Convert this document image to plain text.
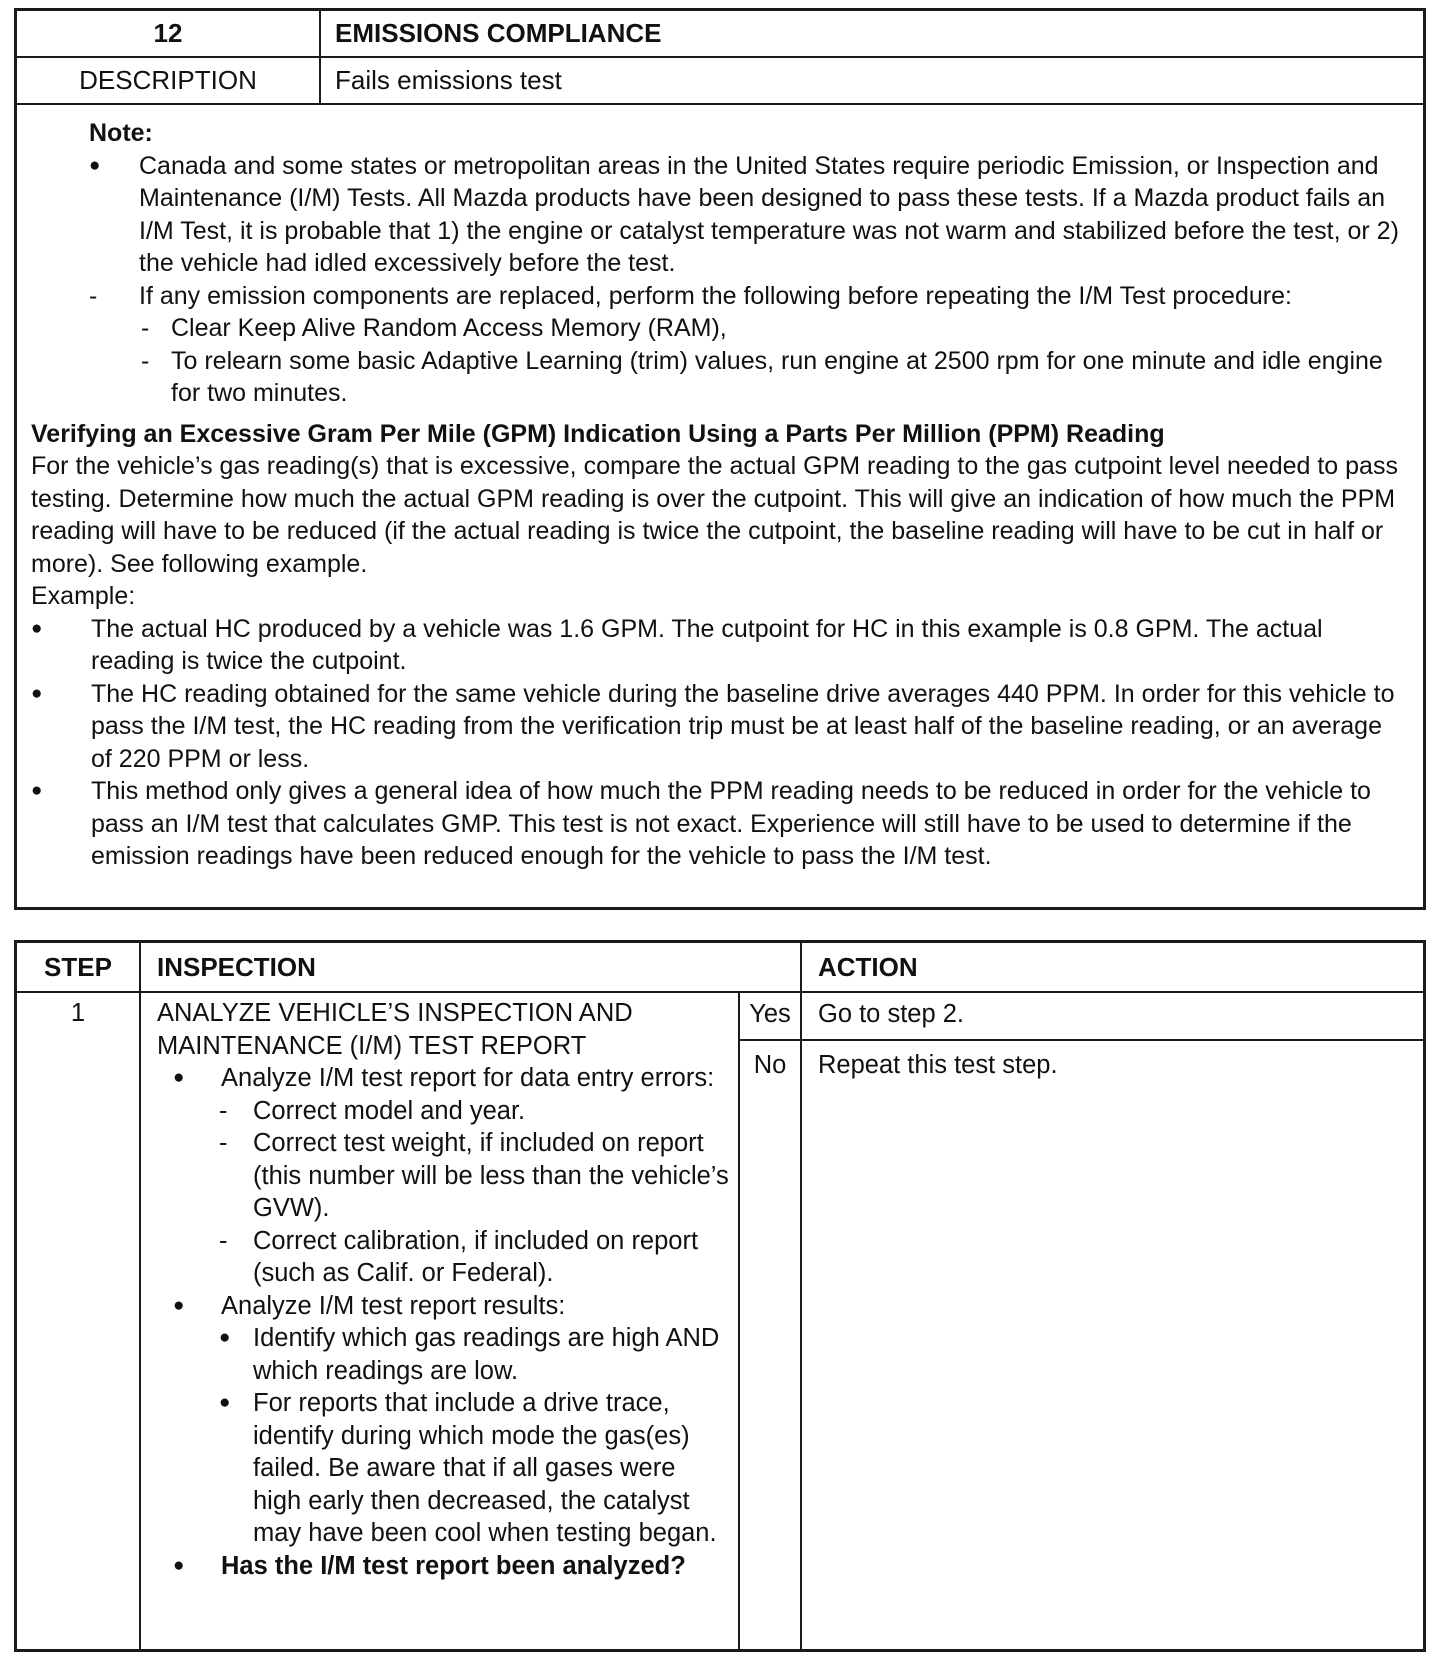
12	EMISSIONS COMPLIANCE
DESCRIPTION	Fails emissions test
Note:
● Canada and some states or metropolitan areas in the United States require periodic Emission, or Inspection and Maintenance (I/M) Tests. All Mazda products have been designed to pass these tests. If a Mazda product fails an I/M Test, it is probable that 1) the engine or catalyst temperature was not warm and stabilized before the test, or 2) the vehicle had idled excessively before the test.
- If any emission components are replaced, perform the following before repeating the I/M Test procedure:
- Clear Keep Alive Random Access Memory (RAM),
- To relearn some basic Adaptive Learning (trim) values, run engine at 2500 rpm for one minute and idle engine for two minutes.
Verifying an Excessive Gram Per Mile (GPM) Indication Using a Parts Per Million (PPM) Reading
For the vehicle’s gas reading(s) that is excessive, compare the actual GPM reading to the gas cutpoint level needed to pass testing. Determine how much the actual GPM reading is over the cutpoint. This will give an indication of how much the PPM reading will have to be reduced (if the actual reading is twice the cutpoint, the baseline reading will have to be cut in half or more). See following example.
Example:
● The actual HC produced by a vehicle was 1.6 GPM. The cutpoint for HC in this example is 0.8 GPM. The actual reading is twice the cutpoint.
● The HC reading obtained for the same vehicle during the baseline drive averages 440 PPM. In order for this vehicle to pass the I/M test, the HC reading from the verification trip must be at least half of the baseline reading, or an average of 220 PPM or less.
● This method only gives a general idea of how much the PPM reading needs to be reduced in order for the vehicle to pass an I/M test that calculates GMP. This test is not exact. Experience will still have to be used to determine if the emission readings have been reduced enough for the vehicle to pass the I/M test.
STEP	INSPECTION	ACTION
1	ANALYZE VEHICLE’S INSPECTION AND MAINTENANCE (I/M) TEST REPORT
● Analyze I/M test report for data entry errors:
- Correct model and year.
- Correct test weight, if included on report (this number will be less than the vehicle’s GVW).
- Correct calibration, if included on report (such as Calif. or Federal).
● Analyze I/M test report results:
● Identify which gas readings are high AND which readings are low.
● For reports that include a drive trace, identify during which mode the gas(es) failed. Be aware that if all gases were high early then decreased, the catalyst may have been cool when testing began.
● Has the I/M test report been analyzed?
Yes	Go to step 2.
No	Repeat this test step.
